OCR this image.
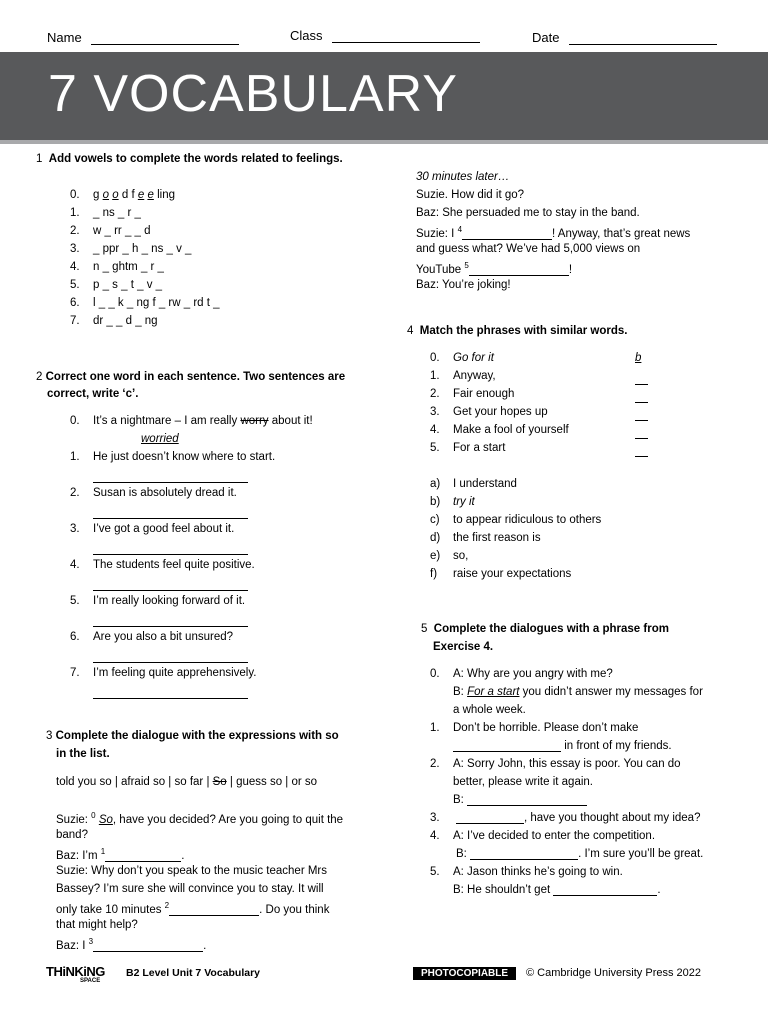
Name	Class	Date
7 VOCABULARY
1 Add vowels to complete the words related to feelings.
0. g o o d f e e ling
1. _ ns _ r _
2. w _ rr _ _ d
3. _ ppr _ h _ ns _ v _
4. n _ ghtm _ r _
5. p _ s _ t _ v _
6. l _ _ k _ ng f _ rw _ rd t _
7. dr _ _ d _ ng
2 Correct one word in each sentence. Two sentences are
correct, write ‘c’.
0. It’s a nightmare – I am really worry about it!
worried
1. He just doesn’t know where to start.
2. Susan is absolutely dread it.
3. I’ve got a good feel about it.
4. The students feel quite positive.
5. I’m really looking forward of it.
6. Are you also a bit unsured?
7. I’m feeling quite apprehensively.
3 Complete the dialogue with the expressions with so
in the list.
told you so | afraid so | so far | So | guess so | or so
Suzie: $^0$ So, have you decided? Are you going to quit the
band?
Baz: I’m $^1$	.
Suzie: Why don’t you speak to the music teacher Mrs
Bassey? I’m sure she will convince you to stay. It will
only take 10 minutes $^2$	. Do you think
that might help?
Baz: I $^3$	.
30 minutes later…
Suzie. How did it go?
Baz: She persuaded me to stay in the band.
Suzie: I $^4$	! Anyway, that’s great news
and guess what? We’ve had 5,000 views on
YouTube $^5$	!
Baz: You’re joking!
4 Match the phrases with similar words.
0. Go for it	b
1. Anyway,
2. Fair enough
3. Get your hopes up
4. Make a fool of yourself
5. For a start
a) I understand
b) try it
c) to appear ridiculous to others
d) the first reason is
e) so,
f) raise your expectations
5 Complete the dialogues with a phrase from
Exercise 4.
0. A: Why are you angry with me?
B: For a start you didn’t answer my messages for
a whole week.
1. Don’t be horrible. Please don’t make
in front of my friends.
2. A: Sorry John, this essay is poor. You can do
better, please write it again.
B:
3.	, have you thought about my idea?
4. A: I’ve decided to enter the competition.
B:	. I’m sure you’ll be great.
5. A: Jason thinks he’s going to win.
B: He shouldn’t get	.
THiNKiNG
SPACE
B2 Level Unit 7 Vocabulary	PHOTOCOPIABLE	© Cambridge University Press 2022
